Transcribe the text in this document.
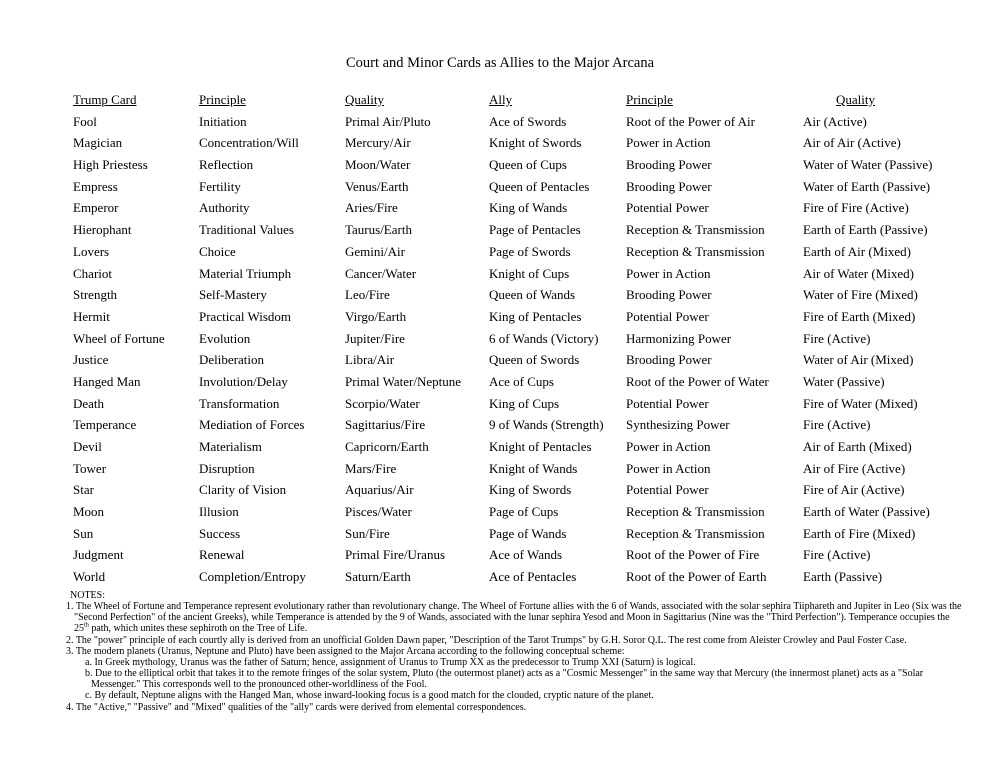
Court and Minor Cards as Allies to the Major Arcana
Trump Card	Principle	Quality	Ally	Principle	Quality
Fool	Initiation	Primal Air/Pluto	Ace of Swords	Root of the Power of Air	Air (Active)
Magician	Concentration/Will	Mercury/Air	Knight of Swords	Power in Action	Air of Air (Active)
High Priestess	Reflection	Moon/Water	Queen of Cups	Brooding Power	Water of Water (Passive)
Empress	Fertility	Venus/Earth	Queen of Pentacles	Brooding Power	Water of Earth (Passive)
Emperor	Authority	Aries/Fire	King of Wands	Potential Power	Fire of Fire (Active)
Hierophant	Traditional Values	Taurus/Earth	Page of Pentacles	Reception & Transmission	Earth of Earth (Passive)
Lovers	Choice	Gemini/Air	Page of Swords	Reception & Transmission	Earth of Air (Mixed)
Chariot	Material Triumph	Cancer/Water	Knight of Cups	Power in Action	Air of Water (Mixed)
Strength	Self-Mastery	Leo/Fire	Queen of Wands	Brooding Power	Water of Fire (Mixed)
Hermit	Practical Wisdom	Virgo/Earth	King of Pentacles	Potential Power	Fire of Earth (Mixed)
Wheel of Fortune	Evolution	Jupiter/Fire	6 of Wands (Victory)	Harmonizing Power	Fire (Active)
Justice	Deliberation	Libra/Air	Queen of Swords	Brooding Power	Water of Air (Mixed)
Hanged Man	Involution/Delay	Primal Water/Neptune	Ace of Cups	Root of the Power of Water	Water (Passive)
Death	Transformation	Scorpio/Water	King of Cups	Potential Power	Fire of Water (Mixed)
Temperance	Mediation of Forces	Sagittarius/Fire	9 of Wands (Strength)	Synthesizing Power	Fire (Active)
Devil	Materialism	Capricorn/Earth	Knight of Pentacles	Power in Action	Air of Earth (Mixed)
Tower	Disruption	Mars/Fire	Knight of Wands	Power in Action	Air of Fire (Active)
Star	Clarity of Vision	Aquarius/Air	King of Swords	Potential Power	Fire of Air (Active)
Moon	Illusion	Pisces/Water	Page of Cups	Reception & Transmission	Earth of Water (Passive)
Sun	Success	Sun/Fire	Page of Wands	Reception & Transmission	Earth of Fire (Mixed)
Judgment	Renewal	Primal Fire/Uranus	Ace of Wands	Root of the Power of Fire	Fire (Active)
World	Completion/Entropy	Saturn/Earth	Ace of Pentacles	Root of the Power of Earth	Earth (Passive)
NOTES:

1. The Wheel of Fortune and Temperance represent evolutionary rather than revolutionary change. The Wheel of Fortune allies with the 6 of Wands, associated with the solar sephira Tiiphareth and Jupiter in Leo (Six was the "Second Perfection" of the ancient Greeks), while Temperance is attended by the 9 of Wands, associated with the lunar sephira Yesod and Moon in Sagittarius (Nine was the "Third Perfection"). Temperance occupies the 25th path, which unites these sephiroth on the Tree of Life.

2. The "power" principle of each courtly ally is derived from an unofficial Golden Dawn paper, "Description of the Tarot Trumps" by G.H. Soror Q.L. The rest come from Aleister Crowley and Paul Foster Case.

3. The modern planets (Uranus, Neptune and Pluto) have been assigned to the Major Arcana according to the following conceptual scheme:

a. In Greek mythology, Uranus was the father of Saturn; hence, assignment of Uranus to Trump XX as the predecessor to Trump XXI (Saturn) is logical.

b. Due to the elliptical orbit that takes it to the remote fringes of the solar system, Pluto (the outermost planet) acts as a "Cosmic Messenger" in the same way that Mercury (the innermost planet) acts as a "Solar Messenger." This corresponds well to the pronounced other-worldliness of the Fool.

c. By default, Neptune aligns with the Hanged Man, whose inward-looking focus is a good match for the clouded, cryptic nature of the planet.

4. The "Active," "Passive" and "Mixed" qualities of the "ally" cards were derived from elemental correspondences.
